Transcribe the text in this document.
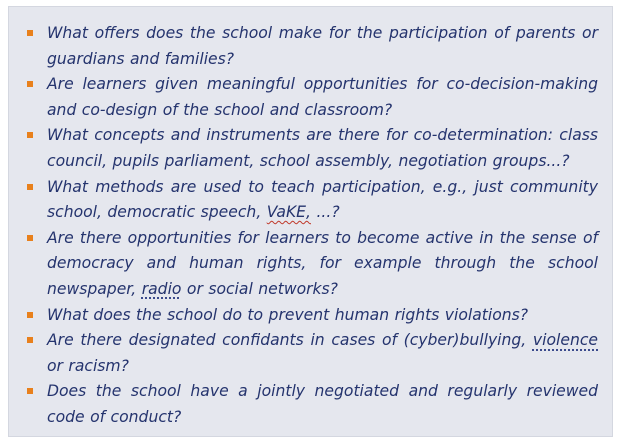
What offers does the school make for the participation of parents or guardians and families?
Are learners given meaningful opportunities for co-decision-making and co-design of the school and classroom?
What concepts and instruments are there for co-determination: class council, pupils parliament, school assembly, negotiation groups...?
What methods are used to teach participation, e.g., just community school, democratic speech, VaKE, ...?
Are there opportunities for learners to become active in the sense of democracy and human rights, for example through the school newspaper, radio or social networks?
What does the school do to prevent human rights violations?
Are there designated confidants in cases of (cyber)bullying, violence or racism?
Does the school have a jointly negotiated and regularly reviewed code of conduct?
